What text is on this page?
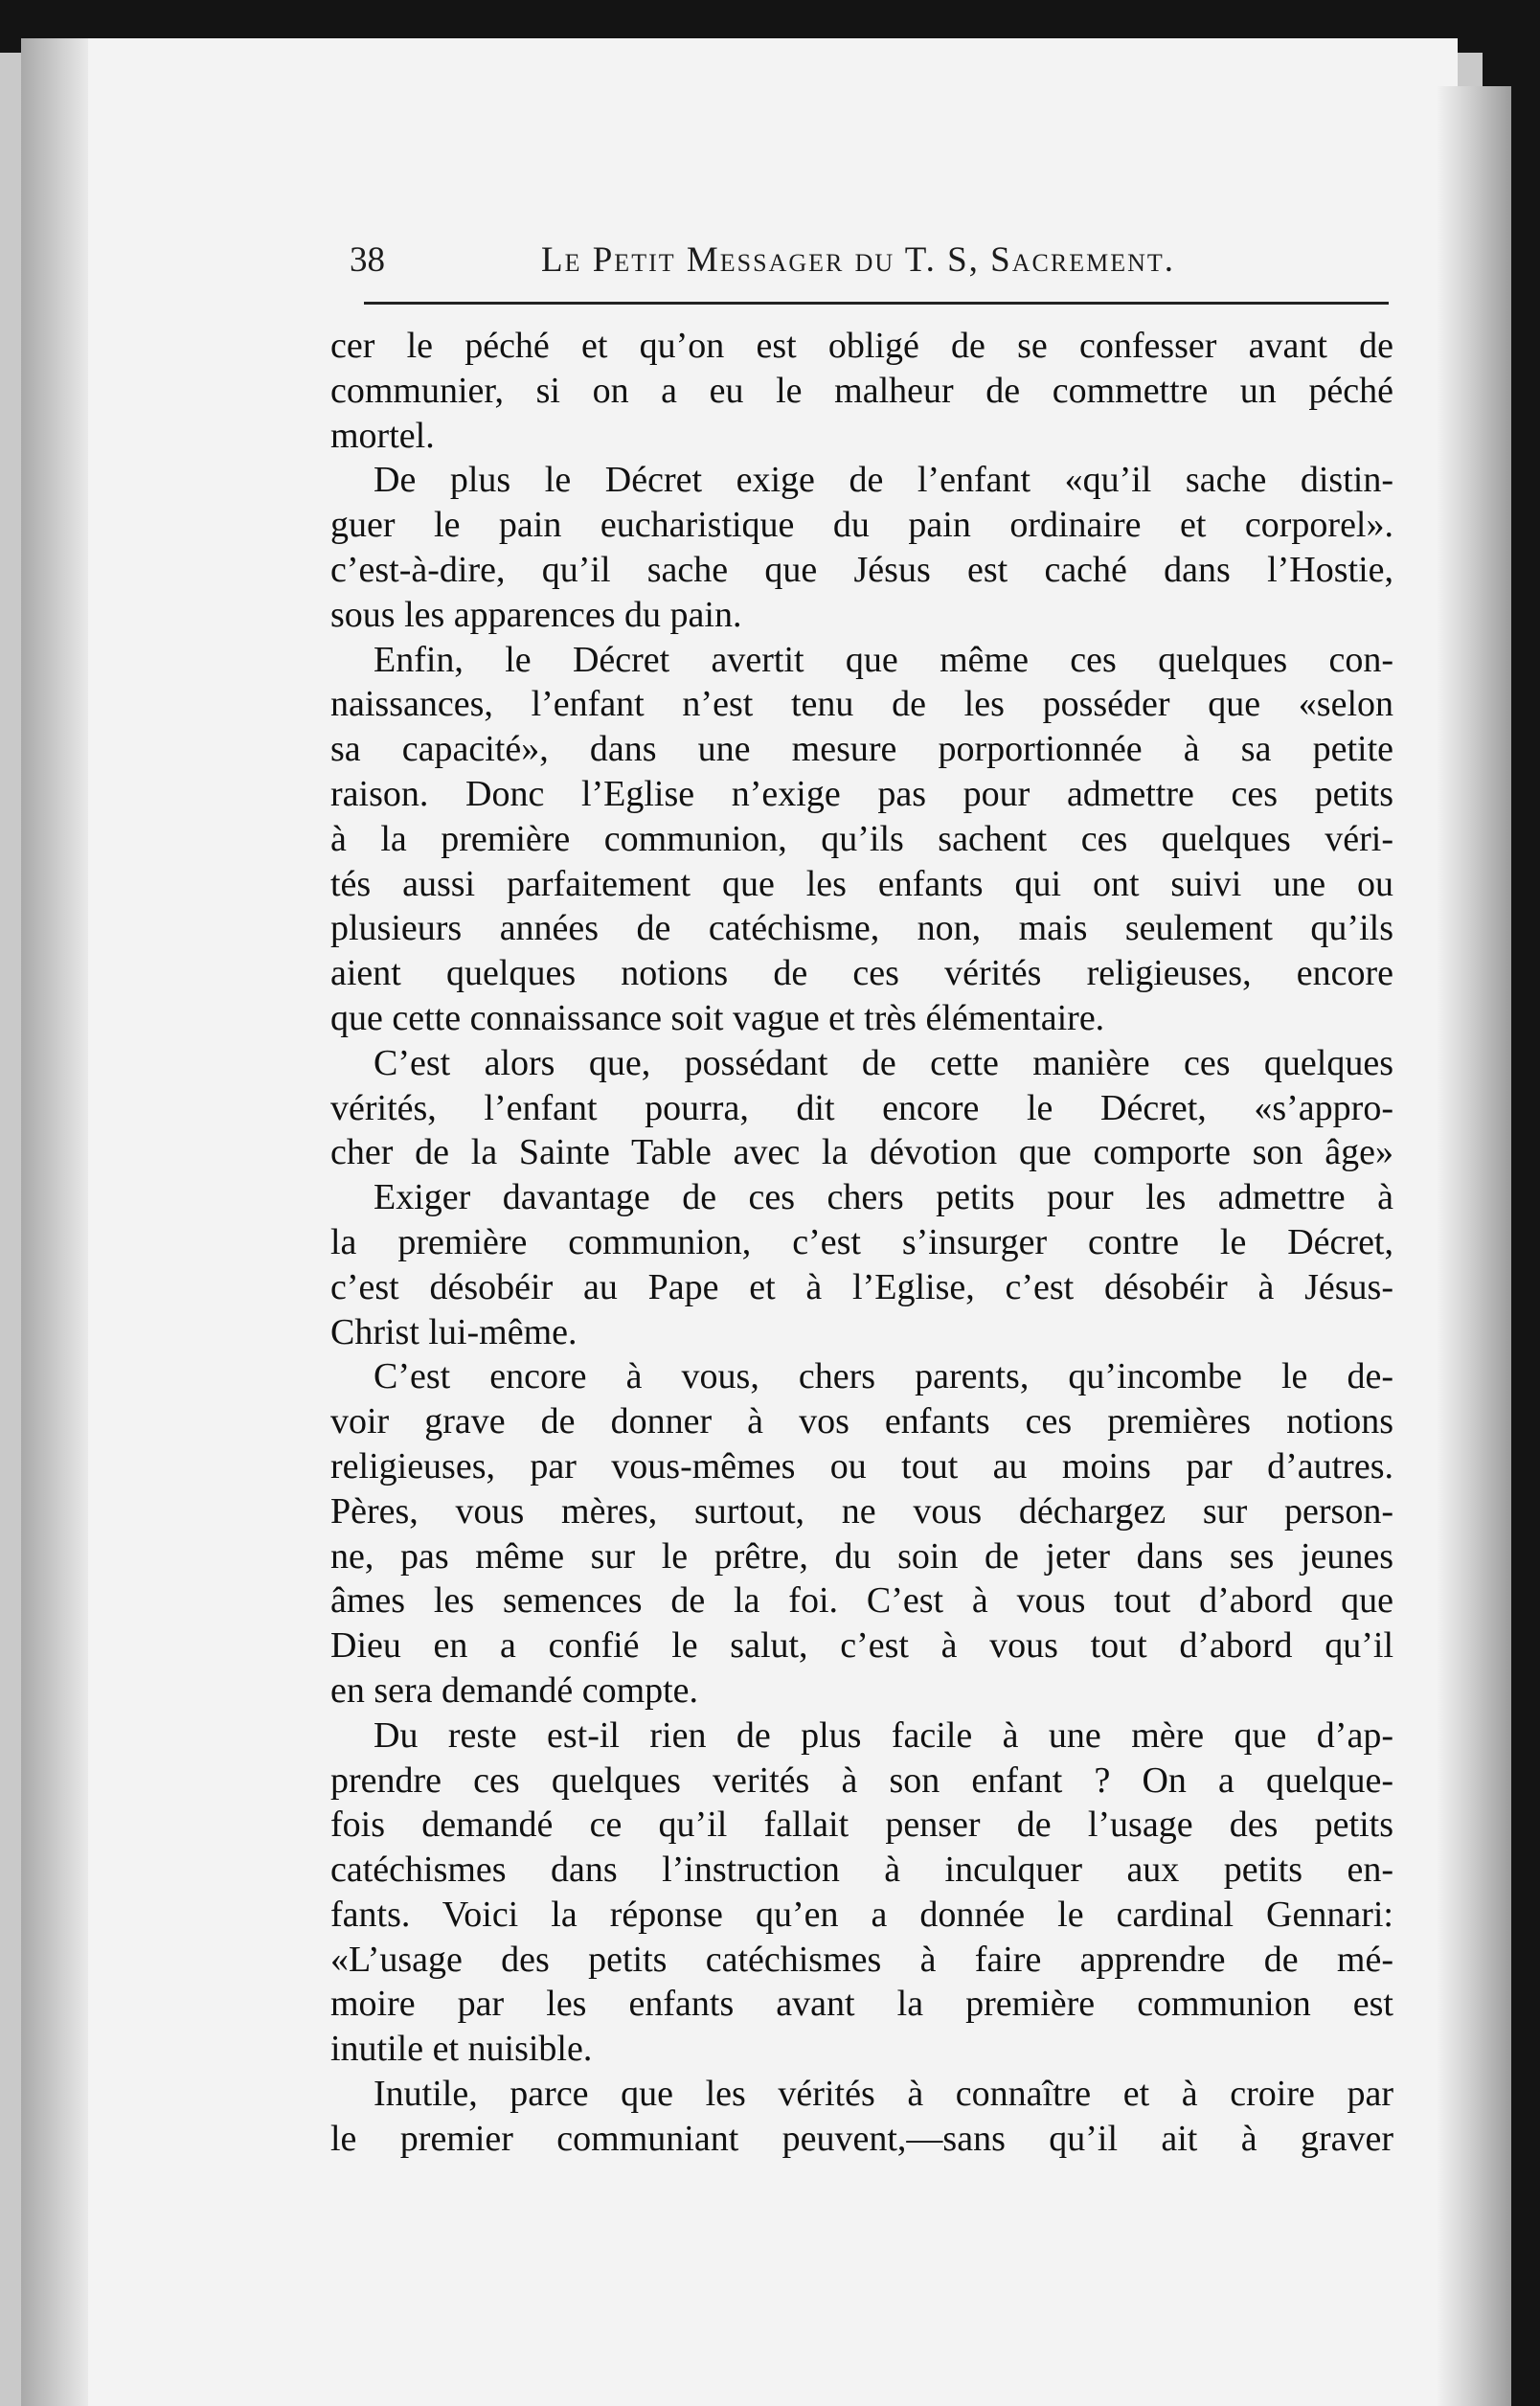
38	Le Petit Messager du T. S, Sacrement.

cer le péché et qu’on est obligé de se confesser avant de
communier, si on a eu le malheur de commettre un péché
mortel.

De plus le Décret exige de l’enfant «qu’il sache distin-
guer le pain eucharistique du pain ordinaire et corporel».
c’est-à-dire, qu’il sache que Jésus est caché dans l’Hostie,
sous les apparences du pain.

Enfin, le Décret avertit que même ces quelques con-
naissances, l’enfant n’est tenu de les posséder que «selon
sa capacité», dans une mesure porportionnée à sa petite
raison. Donc l’Eglise n’exige pas pour admettre ces petits
à la première communion, qu’ils sachent ces quelques véri-
tés aussi parfaitement que les enfants qui ont suivi une ou
plusieurs années de catéchisme, non, mais seulement qu’ils
aient quelques notions de ces vérités religieuses, encore
que cette connaissance soit vague et très élémentaire.

C’est alors que, possédant de cette manière ces quelques
vérités, l’enfant pourra, dit encore le Décret, «s’appro-
cher de la Sainte Table avec la dévotion que comporte son âge»

Exiger davantage de ces chers petits pour les admettre à
la première communion, c’est s’insurger contre le Décret,
c’est désobéir au Pape et à l’Eglise, c’est désobéir à Jésus-
Christ lui-même.

C’est encore à vous, chers parents, qu’incombe le de-
voir grave de donner à vos enfants ces premières notions
religieuses, par vous-mêmes ou tout au moins par d’autres.
Pères, vous mères, surtout, ne vous déchargez sur person-
ne, pas même sur le prêtre, du soin de jeter dans ses jeunes
âmes les semences de la foi. C’est à vous tout d’abord que
Dieu en a confié le salut, c’est à vous tout d’abord qu’il
en sera demandé compte.

Du reste est-il rien de plus facile à une mère que d’ap-
prendre ces quelques verités à son enfant ? On a quelque-
fois demandé ce qu’il fallait penser de l’usage des petits
catéchismes dans l’instruction à inculquer aux petits en-
fants. Voici la réponse qu’en a donnée le cardinal Gennari:
«L’usage des petits catéchismes à faire apprendre de mé-
moire par les enfants avant la première communion est
inutile et nuisible.

Inutile, parce que les vérités à connaître et à croire par
le premier communiant peuvent,—sans qu’il ait à graver
